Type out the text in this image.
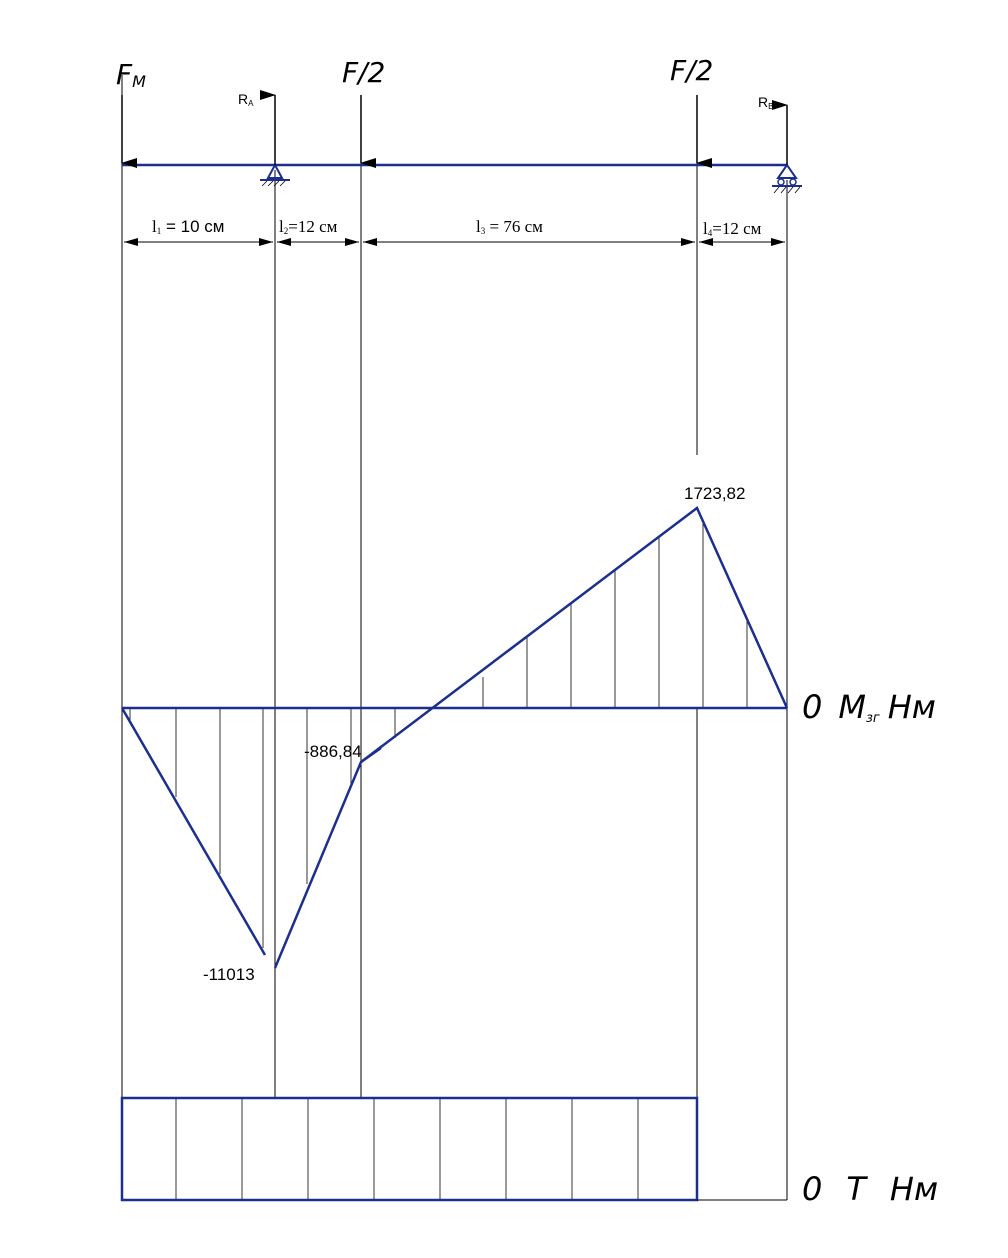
FM	F/2	F/2
RA	RB
l1 = 10 см	l2=12 см	l3 = 76 см	l4=12 см
-11013
-886,84
1723,82
0 Mзг Нм
0 T Нм
